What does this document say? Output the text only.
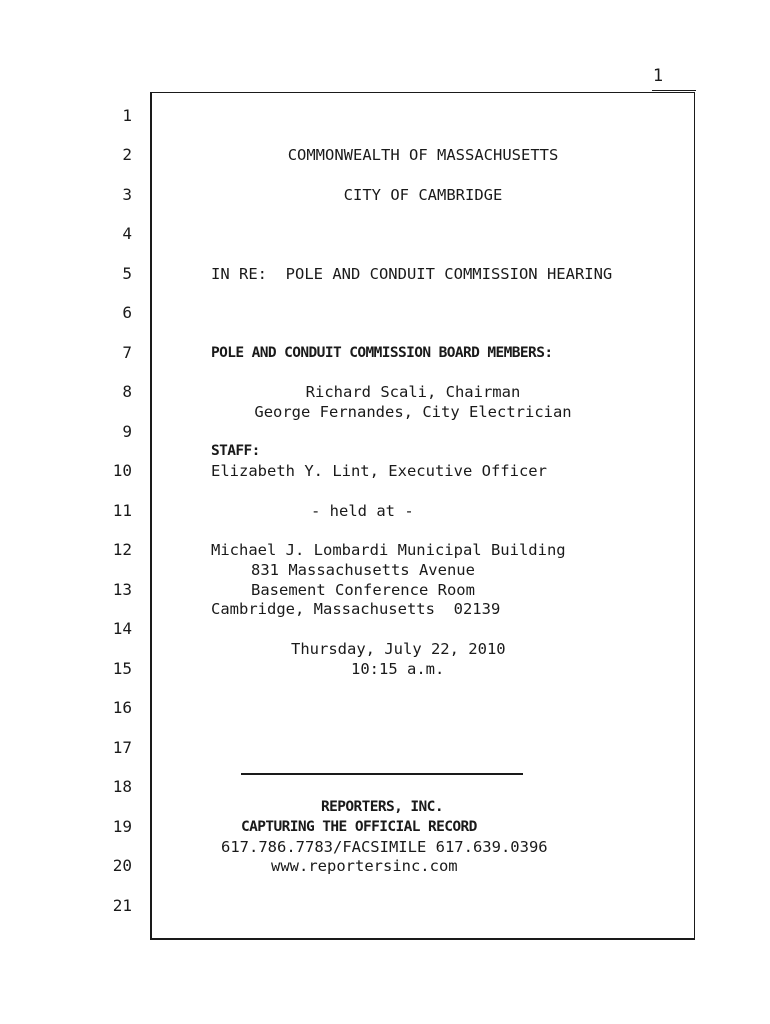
1
1
2
3
4
5
6
7
8
9
10
11
12
13
14
15
16
17
18
19
20
21
COMMONWEALTH OF MASSACHUSETTS
CITY OF CAMBRIDGE
IN RE:  POLE AND CONDUIT COMMISSION HEARING
POLE AND CONDUIT COMMISSION BOARD MEMBERS:
Richard Scali, Chairman
George Fernandes, City Electrician
STAFF:
Elizabeth Y. Lint, Executive Officer
- held at -
Michael J. Lombardi Municipal Building
831 Massachusetts Avenue
Basement Conference Room
Cambridge, Massachusetts  02139
Thursday, July 22, 2010
10:15 a.m.
REPORTERS, INC.
CAPTURING THE OFFICIAL RECORD
617.786.7783/FACSIMILE 617.639.0396
www.reportersinc.com
